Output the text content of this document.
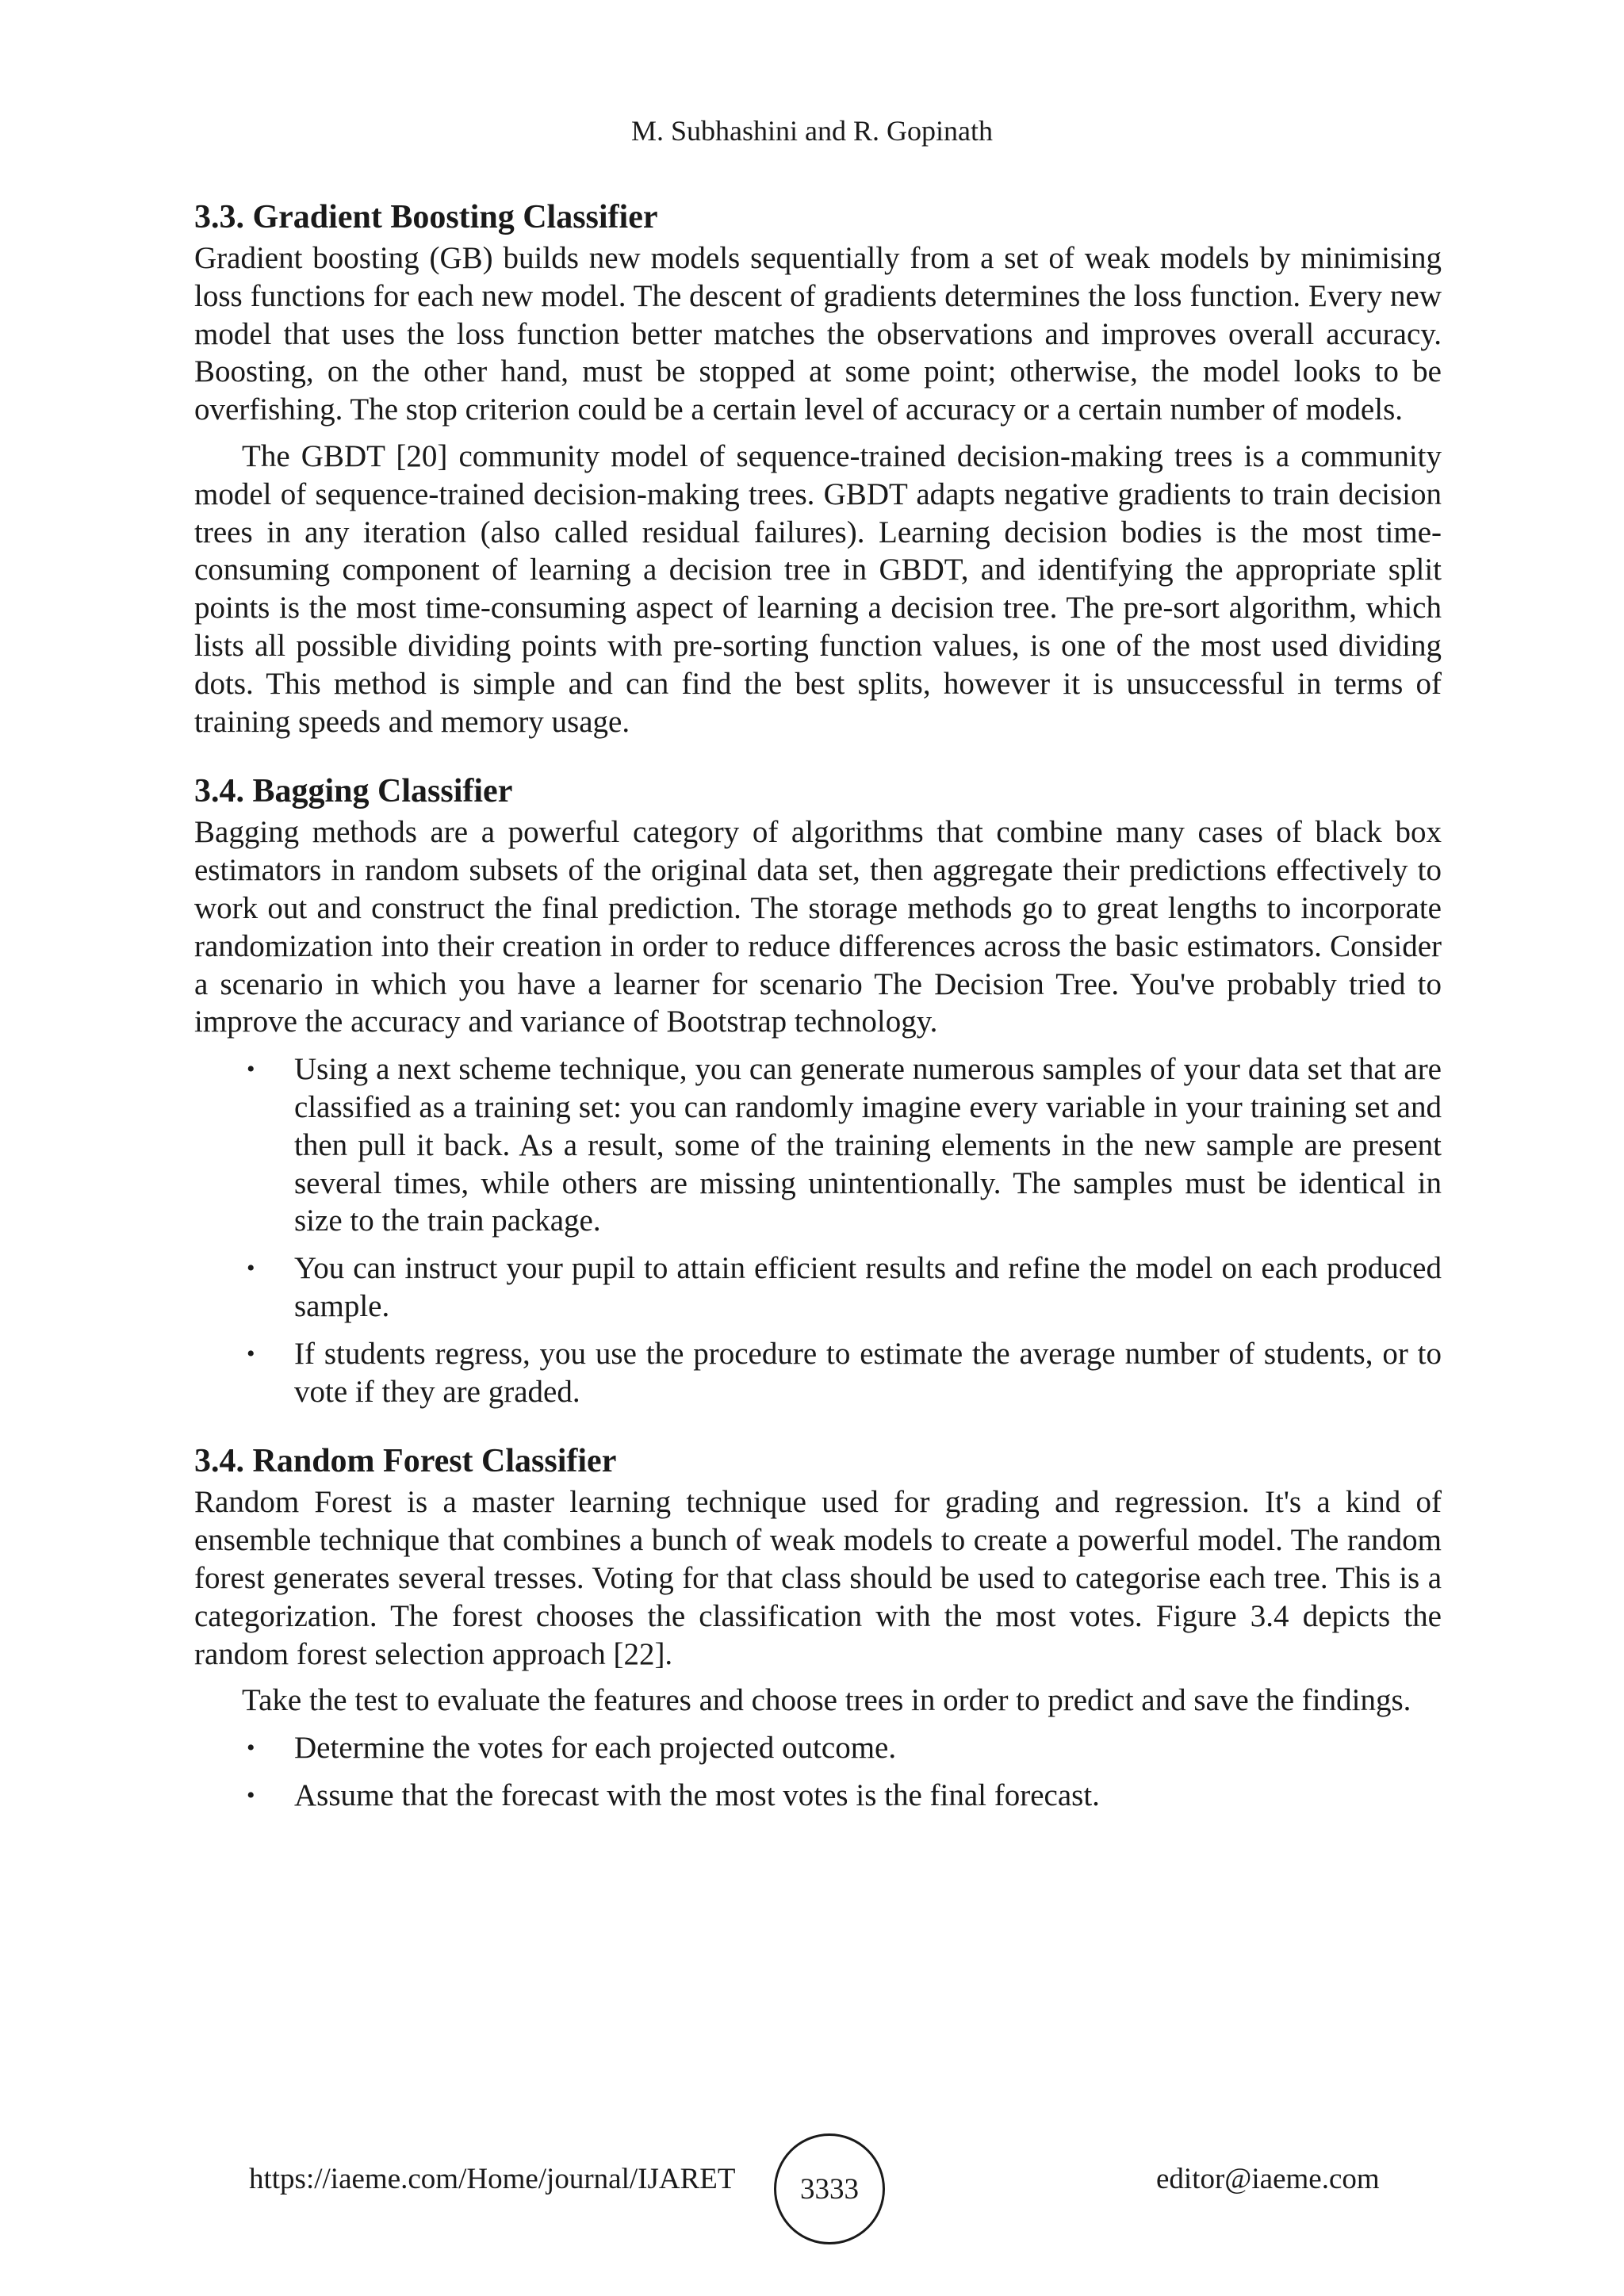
M. Subhashini and R. Gopinath
3.3. Gradient Boosting Classifier

Gradient boosting (GB) builds new models sequentially from a set of weak models by minimising loss functions for each new model. The descent of gradients determines the loss function. Every new model that uses the loss function better matches the observations and improves overall accuracy. Boosting, on the other hand, must be stopped at some point; otherwise, the model looks to be overfishing. The stop criterion could be a certain level of accuracy or a certain number of models.

The GBDT [20] community model of sequence-trained decision-making trees is a community model of sequence-trained decision-making trees. GBDT adapts negative gradients to train decision trees in any iteration (also called residual failures). Learning decision bodies is the most time-consuming component of learning a decision tree in GBDT, and identifying the appropriate split points is the most time-consuming aspect of learning a decision tree. The pre-sort algorithm, which lists all possible dividing points with pre-sorting function values, is one of the most used dividing dots. This method is simple and can find the best splits, however it is unsuccessful in terms of training speeds and memory usage.

3.4. Bagging Classifier

Bagging methods are a powerful category of algorithms that combine many cases of black box estimators in random subsets of the original data set, then aggregate their predictions effectively to work out and construct the final prediction. The storage methods go to great lengths to incorporate randomization into their creation in order to reduce differences across the basic estimators. Consider a scenario in which you have a learner for scenario The Decision Tree. You've probably tried to improve the accuracy and variance of Bootstrap technology.

• Using a next scheme technique, you can generate numerous samples of your data set that are classified as a training set: you can randomly imagine every variable in your training set and then pull it back. As a result, some of the training elements in the new sample are present several times, while others are missing unintentionally. The samples must be identical in size to the train package.
• You can instruct your pupil to attain efficient results and refine the model on each produced sample.
• If students regress, you use the procedure to estimate the average number of students, or to vote if they are graded.
3.4. Random Forest Classifier

Random Forest is a master learning technique used for grading and regression. It's a kind of ensemble technique that combines a bunch of weak models to create a powerful model. The random forest generates several tresses. Voting for that class should be used to categorise each tree. This is a categorization. The forest chooses the classification with the most votes. Figure 3.4 depicts the random forest selection approach [22].

Take the test to evaluate the features and choose trees in order to predict and save the findings.

• Determine the votes for each projected outcome.
• Assume that the forecast with the most votes is the final forecast.
https://iaeme.com/Home/journal/IJARET 3333	editor@iaeme.com
